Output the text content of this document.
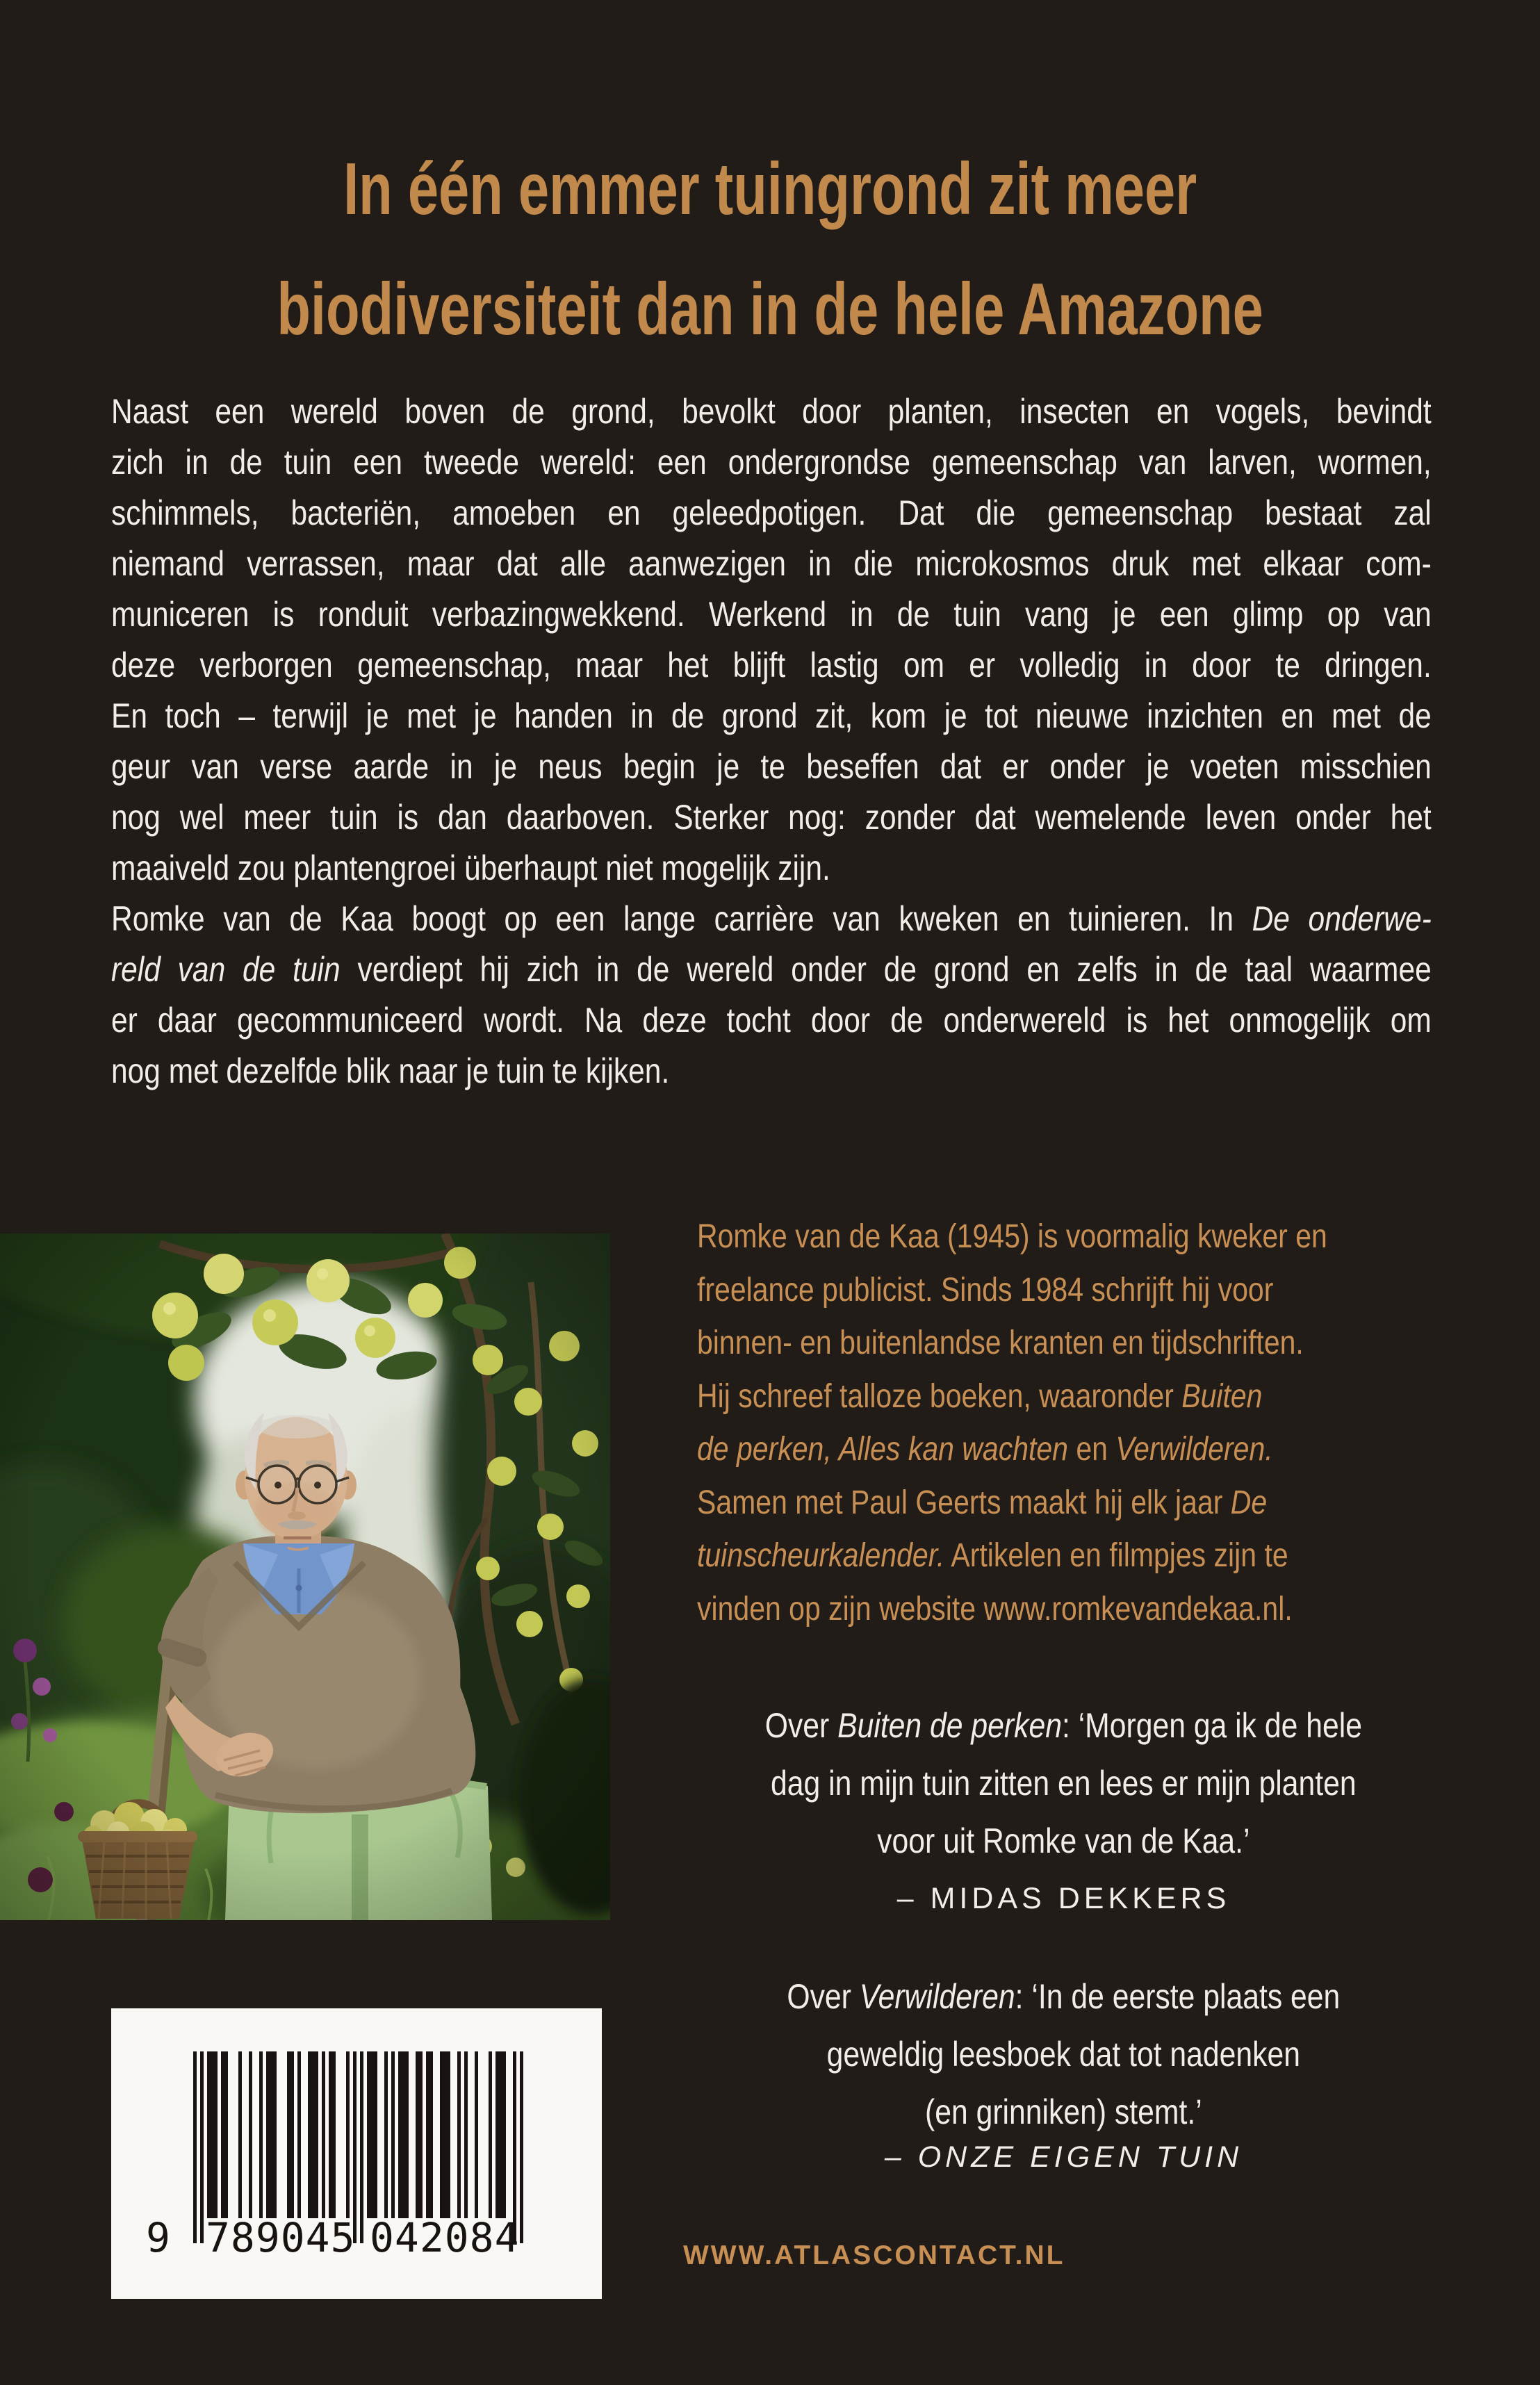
In één emmer tuingrond zit meer
biodiversiteit dan in de hele Amazone
Naast een wereld boven de grond, bevolkt door planten, insecten en vogels, bevindt
zich in de tuin een tweede wereld: een ondergrondse gemeenschap van larven, wormen,
schimmels, bacteriën, amoeben en geleedpotigen. Dat die gemeenschap bestaat zal
niemand verrassen, maar dat alle aanwezigen in die microkosmos druk met elkaar com-
municeren is ronduit verbazingwekkend. Werkend in de tuin vang je een glimp op van
deze verborgen gemeenschap, maar het blijft lastig om er volledig in door te dringen.
En toch – terwijl je met je handen in de grond zit, kom je tot nieuwe inzichten en met de
geur van verse aarde in je neus begin je te beseffen dat er onder je voeten misschien
nog wel meer tuin is dan daarboven. Sterker nog: zonder dat wemelende leven onder het
maaiveld zou plantengroei überhaupt niet mogelijk zijn.
Romke van de Kaa boogt op een lange carrière van kweken en tuinieren. In De onderwe-
reld van de tuin verdiept hij zich in de wereld onder de grond en zelfs in de taal waarmee
er daar gecommuniceerd wordt. Na deze tocht door de onderwereld is het onmogelijk om
nog met dezelfde blik naar je tuin te kijken.
Romke van de Kaa (1945) is voormalig kweker en
freelance publicist. Sinds 1984 schrijft hij voor
binnen- en buitenlandse kranten en tijdschriften.
Hij schreef talloze boeken, waaronder Buiten
de perken, Alles kan wachten en Verwilderen.
Samen met Paul Geerts maakt hij elk jaar De
tuinscheurkalender. Artikelen en filmpjes zijn te
vinden op zijn website www.romkevandekaa.nl.
Over Buiten de perken: ‘Morgen ga ik de hele
dag in mijn tuin zitten en lees er mijn planten
voor uit Romke van de Kaa.’
– MIDAS DEKKERS
Over Verwilderen: ‘In de eerste plaats een
geweldig leesboek dat tot nadenken
(en grinniken) stemt.’
– ONZE EIGEN TUIN
9 789045 042084	WWW.ATLASCONTACT.NL
